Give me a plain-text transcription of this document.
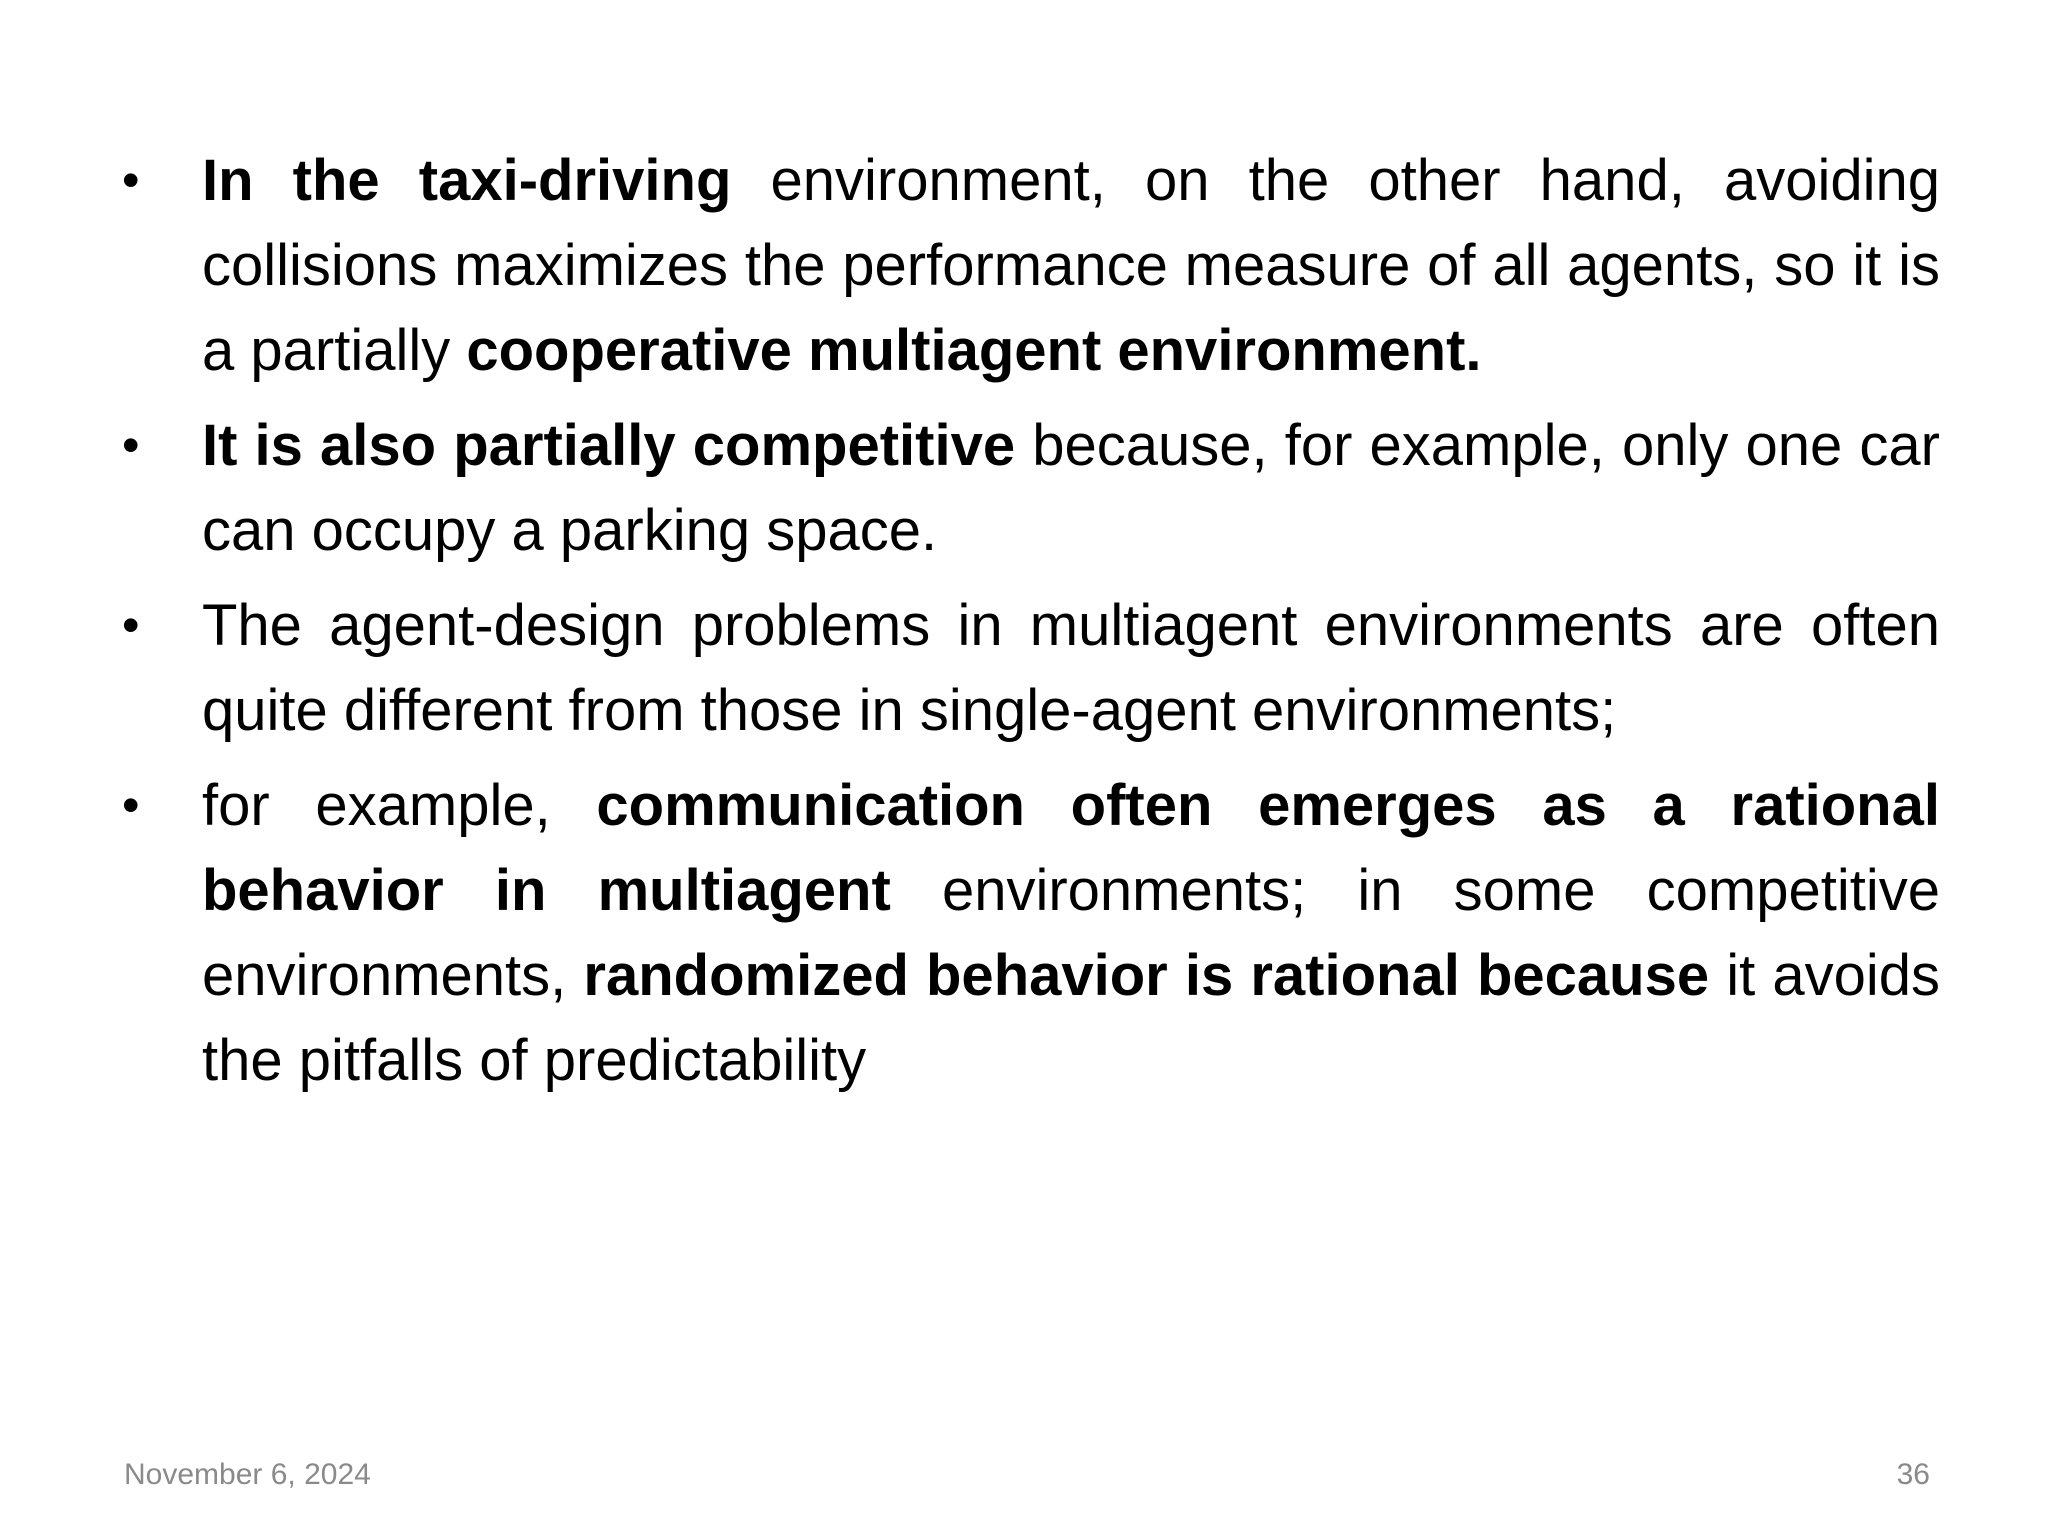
• In the taxi-driving environment, on the other hand, avoiding collisions maximizes the performance measure of all agents, so it is a partially cooperative multiagent environment.
• It is also partially competitive because, for example, only one car can occupy a parking space.
• The agent-design problems in multiagent environments are often quite different from those in single-agent environments;
• for example, communication often emerges as a rational behavior in multiagent environments; in some competitive environments, randomized behavior is rational because it avoids the pitfalls of predictability
November 6, 2024	36
